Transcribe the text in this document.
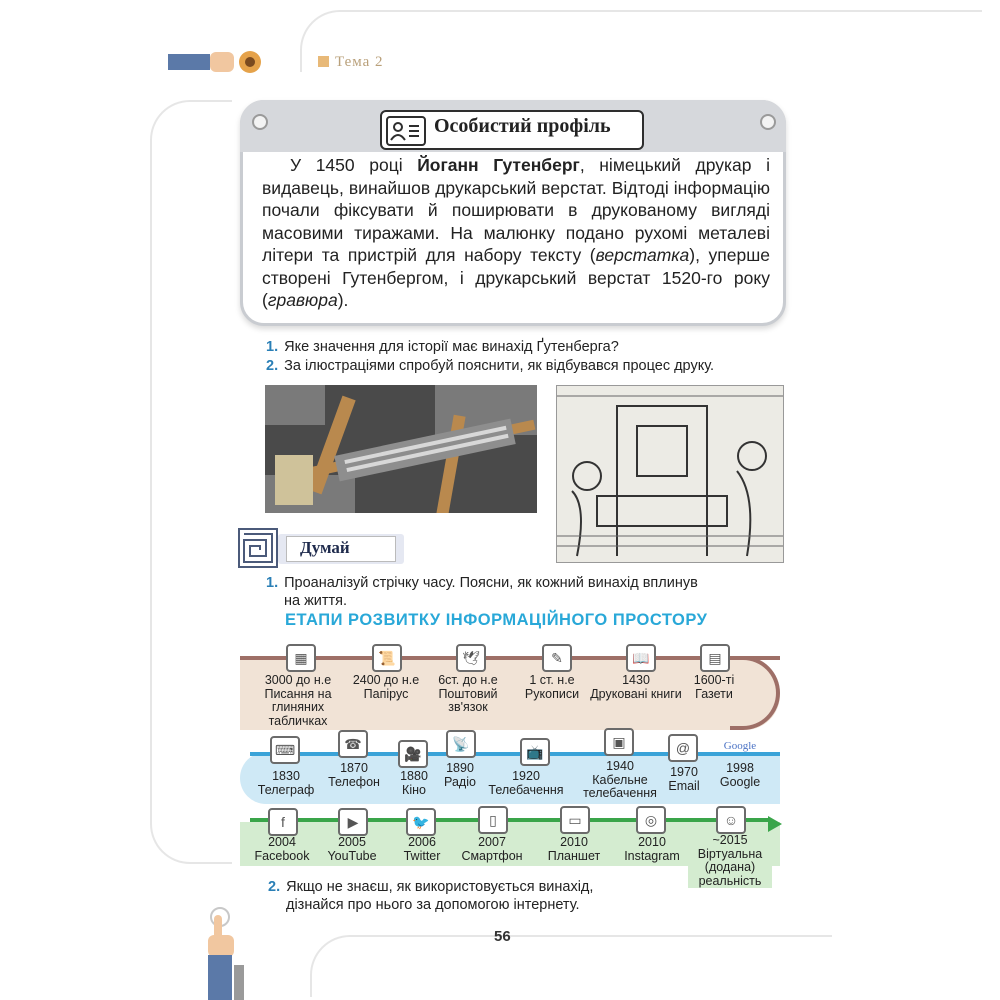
Тема 2
Особистий профіль

У 1450 році Йоганн Гутенберг, німецький друкар і видавець, винайшов друкарський верстат. Відтоді інформацію почали фіксувати й поширювати в друкованому вигляді масовими тиражами. На малюнку подано рухомі металеві літери та пристрій для набору тексту (верстатка), уперше створені Гутенбергом, і друкарський верстат 1520-го року (гравюра).

1. Яке значення для історії має винахід Ґутенберга?
2. За ілюстраціями спробуй пояснити, як відбувався процес друку.
Думай
1. Проаналізуй стрічку часу. Поясни, як кожний винахід вплинув
на життя.
ЕТАПИ РОЗВИТКУ ІНФОРМАЦІЙНОГО ПРОСТОРУ
▦
3000 до н.е
Писання на глиняних табличках
📜
2400 до н.е
Папірус
🕊
6ст. до н.е
Поштовий зв'язок
✎
1 ст. н.е
Рукописи
📖
1430
Друковані книги
▤
1600-ті
Газети
⌨
1830
Телеграф
☎
1870
Телефон
🎥
1880
Кіно
📡
1890
Радіо
📺
1920
Телебачення
▣
1940
Кабельне телебачення
@
1970
Email
Google
1998
Google
f
2004
Facebook
▶
2005
YouTube
🐦
2006
Twitter
▯
2007
Смартфон
▭
2010
Планшет
◎
2010
Instagram
☺
~2015
Віртуальна (додана) реальність
2. Якщо не знаєш, як використовується винахід,
дізнайся про нього за допомогою інтернету.
56
